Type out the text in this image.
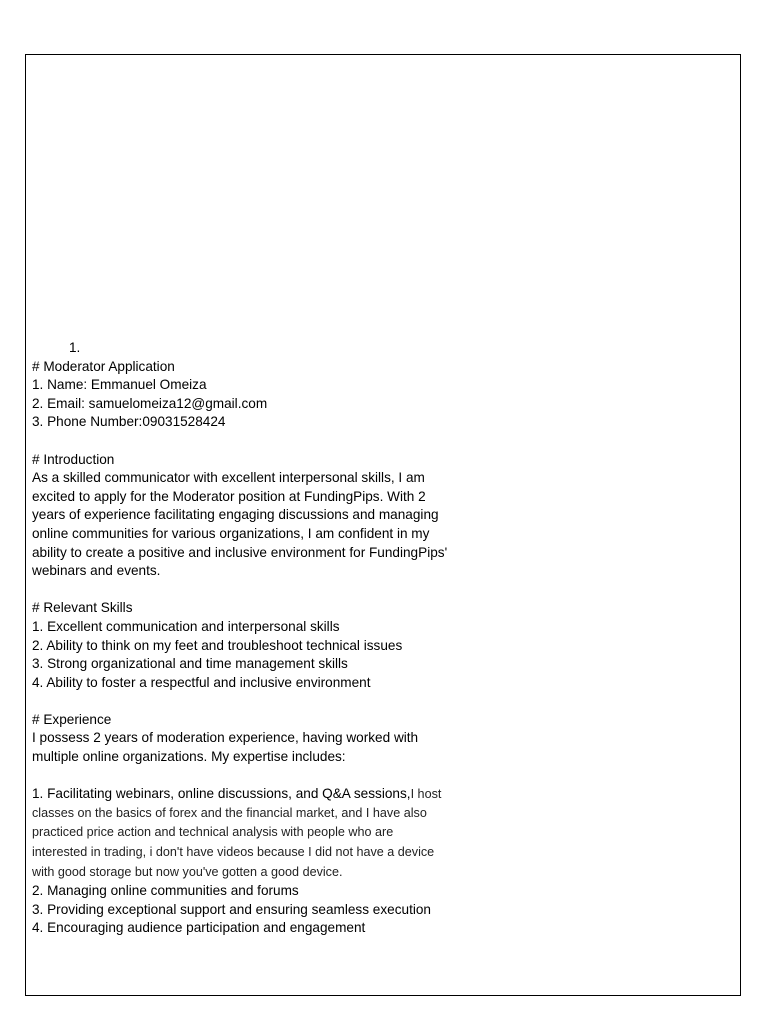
1.
# Moderator Application
1. Name: Emmanuel Omeiza
2. Email: samuelomeiza12@gmail.com
3. Phone Number:09031528424
# Introduction
As a skilled communicator with excellent interpersonal skills, I am
excited to apply for the Moderator position at FundingPips. With 2
years of experience facilitating engaging discussions and managing
online communities for various organizations, I am confident in my
ability to create a positive and inclusive environment for FundingPips'
webinars and events.
# Relevant Skills
1. Excellent communication and interpersonal skills
2. Ability to think on my feet and troubleshoot technical issues
3. Strong organizational and time management skills
4. Ability to foster a respectful and inclusive environment
# Experience
I possess 2 years of moderation experience, having worked with
multiple online organizations. My expertise includes:
1. Facilitating webinars, online discussions, and Q&A sessions,I host
classes on the basics of forex and the financial market, and I have also
practiced price action and technical analysis with people who are
interested in trading, i don't have videos because I did not have a device
with good storage but now you've gotten a good device.
2. Managing online communities and forums
3. Providing exceptional support and ensuring seamless execution
4. Encouraging audience participation and engagement
